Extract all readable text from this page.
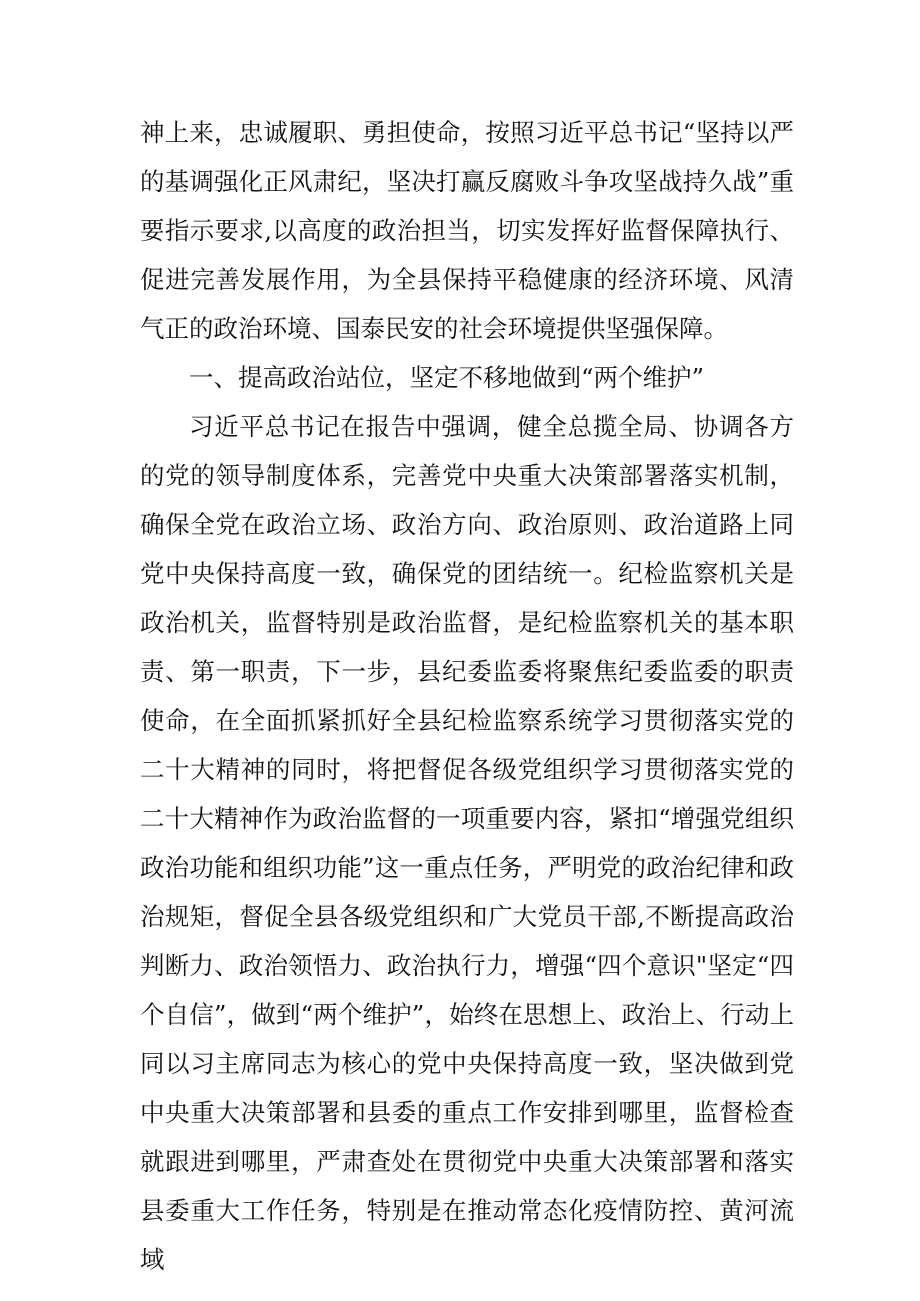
神上来，忠诚履职、勇担使命，按照习近平总书记“坚持以严的基调强化正风肃纪，坚决打赢反腐败斗争攻坚战持久战”重要指示要求,以高度的政治担当，切实发挥好监督保障执行、促进完善发展作用，为全县保持平稳健康的经济环境、风清气正的政治环境、国泰民安的社会环境提供坚强保障。

一、提高政治站位，坚定不移地做到“两个维护”

习近平总书记在报告中强调，健全总揽全局、协调各方的党的领导制度体系，完善党中央重大决策部署落实机制，确保全党在政治立场、政治方向、政治原则、政治道路上同党中央保持高度一致，确保党的团结统一。纪检监察机关是政治机关，监督特别是政治监督，是纪检监察机关的基本职责、第一职责，下一步，县纪委监委将聚焦纪委监委的职责使命，在全面抓紧抓好全县纪检监察系统学习贯彻落实党的二十大精神的同时，将把督促各级党组织学习贯彻落实党的二十大精神作为政治监督的一项重要内容，紧扣“增强党组织政治功能和组织功能”这一重点任务，严明党的政治纪律和政治规矩，督促全县各级党组织和广大党员干部,不断提高政治判断力、政治领悟力、政治执行力，增强“四个意识"坚定“四个自信”，做到“两个维护”，始终在思想上、政治上、行动上同以习主席同志为核心的党中央保持高度一致，坚决做到党中央重大决策部署和县委的重点工作安排到哪里，监督检查就跟进到哪里，严肃查处在贯彻党中央重大决策部署和落实县委重大工作任务，特别是在推动常态化疫情防控、黄河流域
